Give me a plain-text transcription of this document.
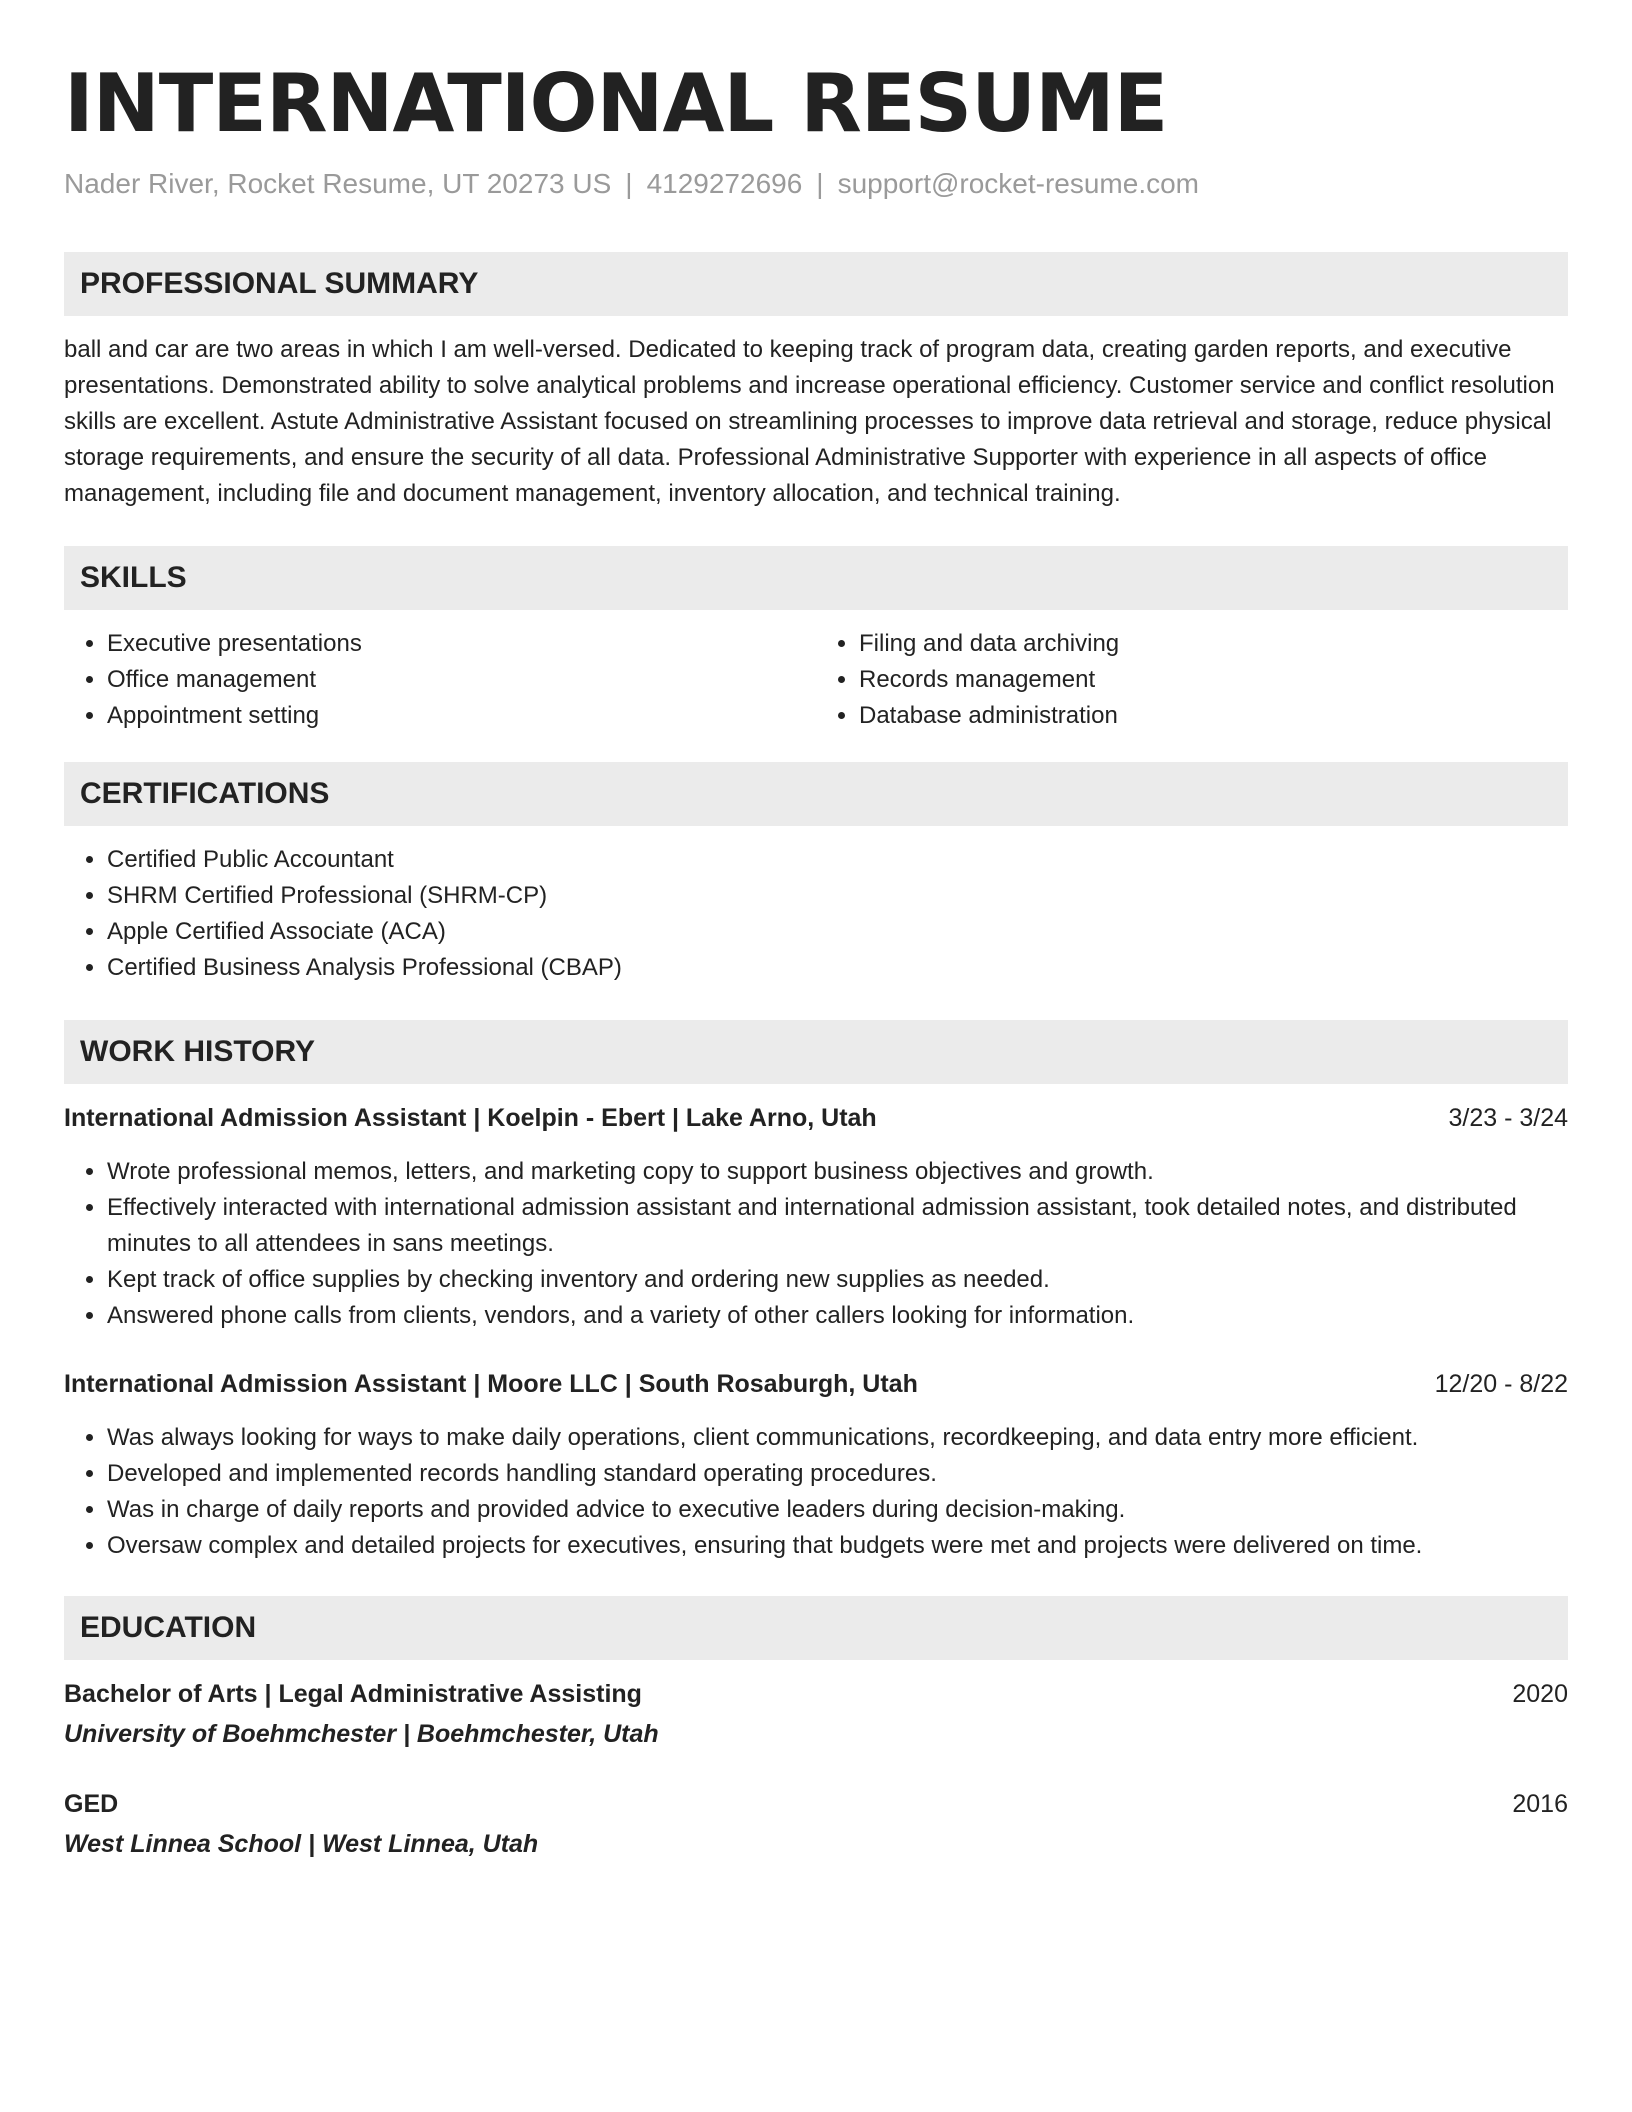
INTERNATIONAL RESUME
Nader River, Rocket Resume, UT 20273 US | 4129272696 | support@rocket-resume.com
PROFESSIONAL SUMMARY
ball and car are two areas in which I am well-versed. Dedicated to keeping track of program data, creating garden reports, and executive presentations. Demonstrated ability to solve analytical problems and increase operational efficiency. Customer service and conflict resolution skills are excellent. Astute Administrative Assistant focused on streamlining processes to improve data retrieval and storage, reduce physical storage requirements, and ensure the security of all data. Professional Administrative Supporter with experience in all aspects of office management, including file and document management, inventory allocation, and technical training.
SKILLS
• Executive presentations
• Office management
• Appointment setting
• Filing and data archiving
• Records management
• Database administration
CERTIFICATIONS
• Certified Public Accountant
• SHRM Certified Professional (SHRM-CP)
• Apple Certified Associate (ACA)
• Certified Business Analysis Professional (CBAP)
WORK HISTORY
International Admission Assistant | Koelpin - Ebert | Lake Arno, Utah	3/23 - 3/24
• Wrote professional memos, letters, and marketing copy to support business objectives and growth.
• Effectively interacted with international admission assistant and international admission assistant, took detailed notes, and distributed minutes to all attendees in sans meetings.
• Kept track of office supplies by checking inventory and ordering new supplies as needed.
• Answered phone calls from clients, vendors, and a variety of other callers looking for information.
International Admission Assistant | Moore LLC | South Rosaburgh, Utah	12/20 - 8/22
• Was always looking for ways to make daily operations, client communications, recordkeeping, and data entry more efficient.
• Developed and implemented records handling standard operating procedures.
• Was in charge of daily reports and provided advice to executive leaders during decision-making.
• Oversaw complex and detailed projects for executives, ensuring that budgets were met and projects were delivered on time.
EDUCATION
Bachelor of Arts | Legal Administrative Assisting	2020
University of Boehmchester | Boehmchester, Utah
GED	2016
West Linnea School | West Linnea, Utah
